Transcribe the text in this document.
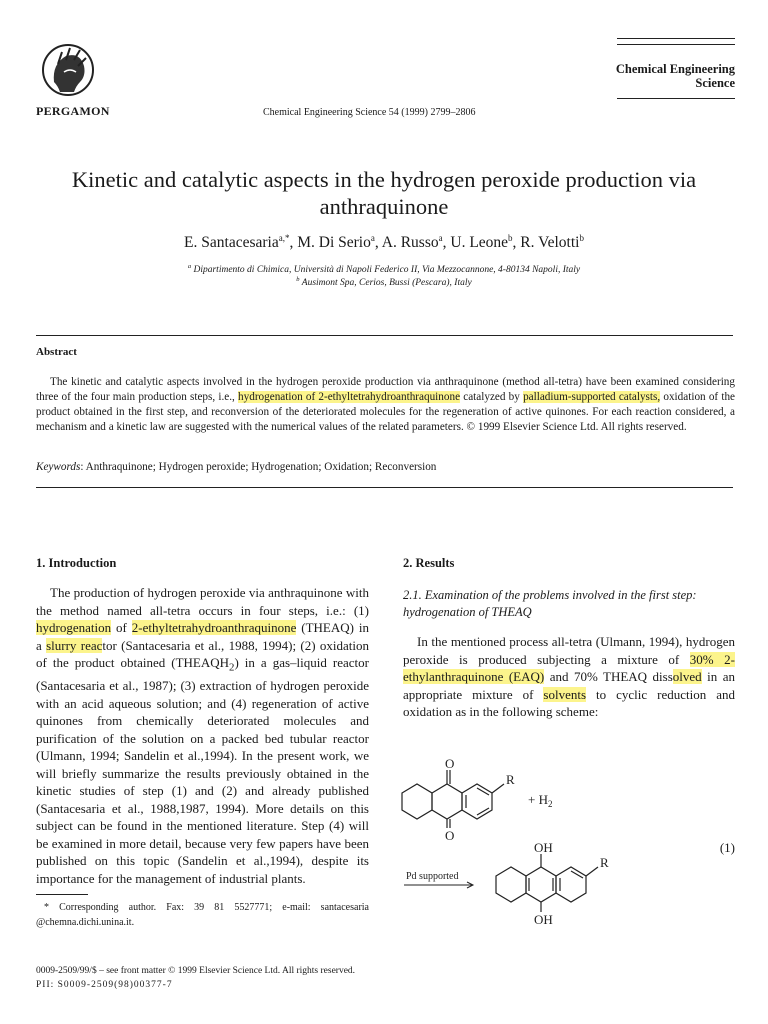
PERGAMON	Chemical Engineering Science 54 (1999) 2799–2806
Chemical Engineering Science
Kinetic and catalytic aspects in the hydrogen peroxide production via anthraquinone
E. Santacesaria$^{a,*}$, M. Di Serio$^a$, A. Russo$^a$, U. Leone$^b$, R. Velotti$^b$
$^a$ Dipartimento di Chimica, Università di Napoli Federico II, Via Mezzocannone, 4-80134 Napoli, Italy
$^b$ Ausimont Spa, Cerios, Bussi (Pescara), Italy
Abstract
The kinetic and catalytic aspects involved in the hydrogen peroxide production via anthraquinone (method all-tetra) have been examined considering three of the four main production steps, i.e., hydrogenation of 2-ethyltetrahydroanthraquinone catalyzed by palladium-supported catalysts, oxidation of the product obtained in the first step, and reconversion of the deteriorated molecules for the regeneration of active quinones. For each reaction considered, a mechanism and a kinetic law are suggested with the numerical values of the related parameters. © 1999 Elsevier Science Ltd. All rights reserved.
Keywords: Anthraquinone; Hydrogen peroxide; Hydrogenation; Oxidation; Reconversion
1. Introduction
The production of hydrogen peroxide via anthraquinone with the method named all-tetra occurs in four steps, i.e.: (1) hydrogenation of 2-ethyltetrahydroanthraquinone (THEAQ) in a slurry reactor (Santacesaria et al., 1988, 1994); (2) oxidation of the product obtained $(THEAQH_2)$ in a gas–liquid reactor (Santacesaria et al., 1987); (3) extraction of hydrogen peroxide with an acid aqueous solution; and (4) regeneration of active quinones from chemically deteriorated molecules and purification of the solution on a packed bed tubular reactor (Ulmann, 1994; Sandelin et al.,1994). In the present work, we will briefly summarize the results previously obtained in the kinetic studies of step (1) and (2) and already published (Santacesaria et al., 1988,1987, 1994). More details on this subject can be found in the mentioned literature. Step (4) will be examined in more detail, because very few papers have been published on this topic (Sandelin et al.,1994), despite its importance for the management of industrial plants.
* Corresponding author. Fax: 39 81 5527771; e-mail: santacesaria @chemna.dichi.unina.it.
2. Results
2.1. Examination of the problems involved in the first step: hydrogenation of THEAQ
In the mentioned process all-tetra (Ulmann, 1994), hydrogen peroxide is produced subjecting a mixture of 30% 2-ethylanthraquinone (EAQ) and 70% THEAQ dissolved in an appropriate mixture of solvents to cyclic reduction and oxidation as in the following scheme:
O
O
R
+ $H_2$
Pd supported
OH
OH
R
(1)
0009-2509/99/$ – see front matter © 1999 Elsevier Science Ltd. All rights reserved.
PII: S0009-2509(98)00377-7
